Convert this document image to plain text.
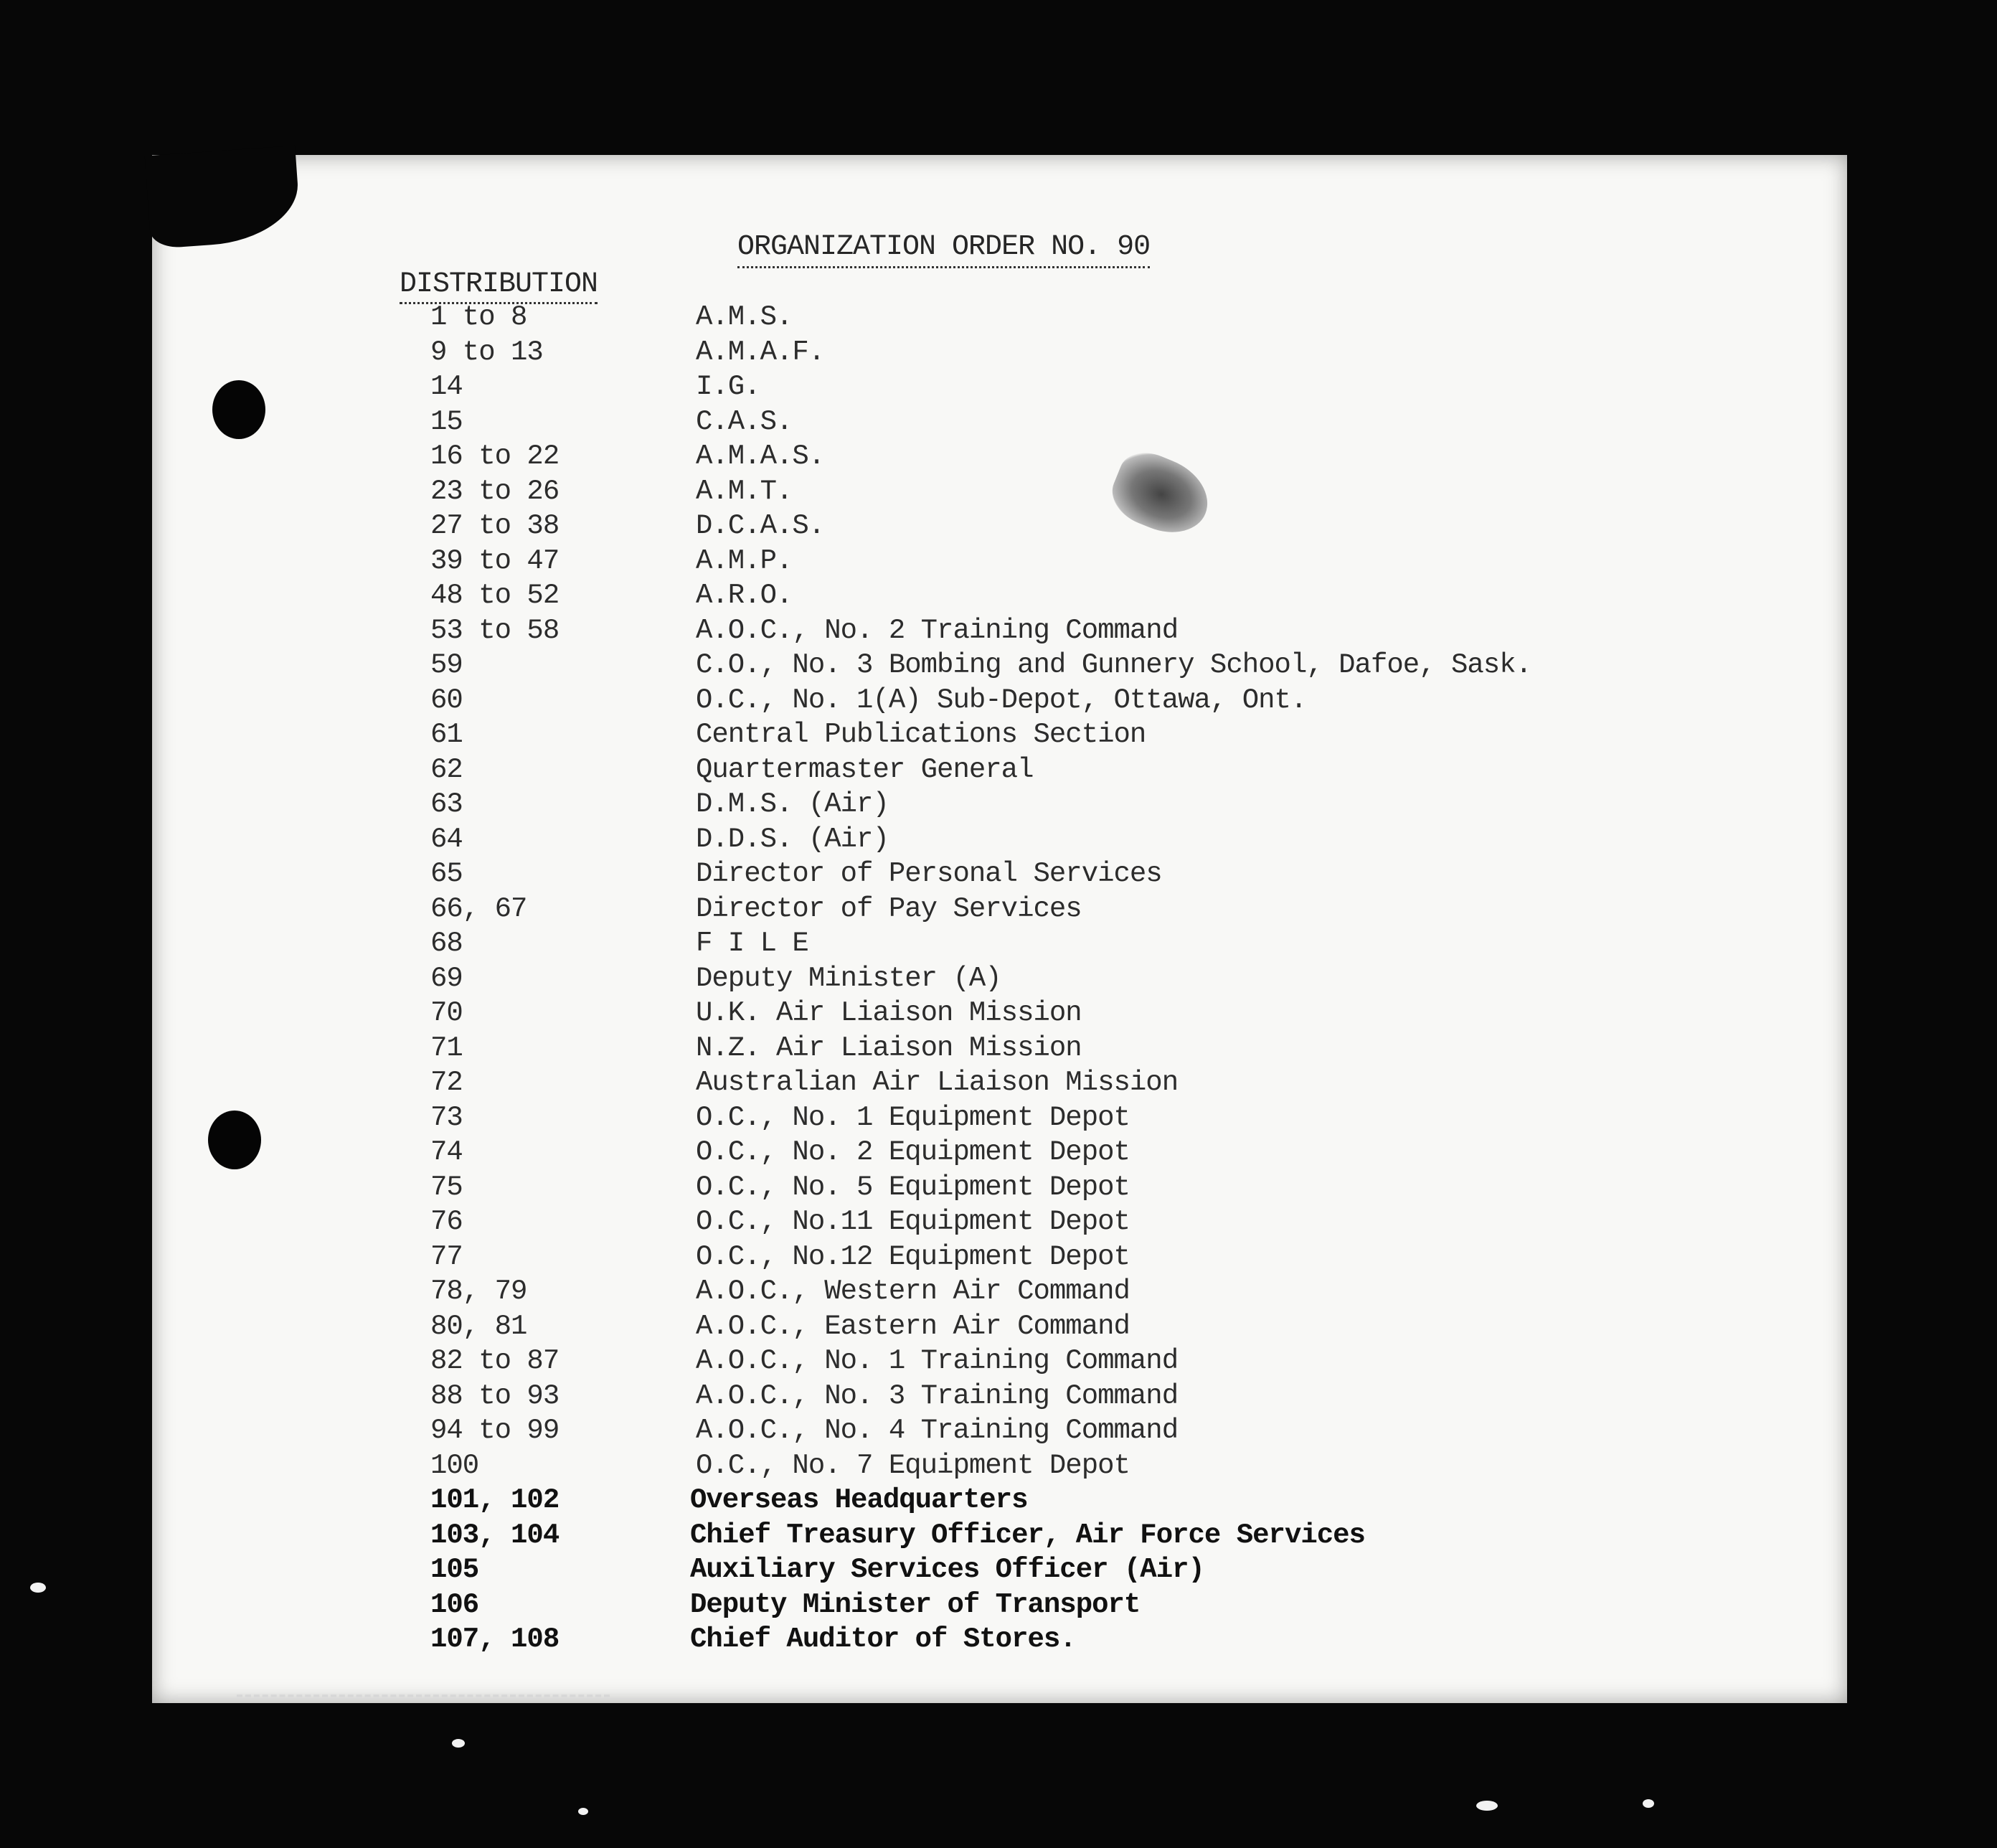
ORGANIZATION ORDER NO. 90
DISTRIBUTION
1 to 8	A.M.S.
9 to 13	A.M.A.F.
14	I.G.
15	C.A.S.
16 to 22	A.M.A.S.
23 to 26	A.M.T.
27 to 38	D.C.A.S.
39 to 47	A.M.P.
48 to 52	A.R.O.
53 to 58	A.O.C., No. 2 Training Command
59	C.O., No. 3 Bombing and Gunnery School, Dafoe, Sask.
60	O.C., No. 1(A) Sub-Depot, Ottawa, Ont.
61	Central Publications Section
62	Quartermaster General
63	D.M.S. (Air)
64	D.D.S. (Air)
65	Director of Personal Services
66, 67	Director of Pay Services
68	F I L E
69	Deputy Minister (A)
70	U.K. Air Liaison Mission
71	N.Z. Air Liaison Mission
72	Australian Air Liaison Mission
73	O.C., No. 1 Equipment Depot
74	O.C., No. 2 Equipment Depot
75	O.C., No. 5 Equipment Depot
76	O.C., No.11 Equipment Depot
77	O.C., No.12 Equipment Depot
78, 79	A.O.C., Western Air Command
80, 81	A.O.C., Eastern Air Command
82 to 87	A.O.C., No. 1 Training Command
88 to 93	A.O.C., No. 3 Training Command
94 to 99	A.O.C., No. 4 Training Command
100	O.C., No. 7 Equipment Depot
101, 102	Overseas Headquarters
103, 104	Chief Treasury Officer, Air Force Services
105	Auxiliary Services Officer (Air)
106	Deputy Minister of Transport
107, 108	Chief Auditor of Stores.
